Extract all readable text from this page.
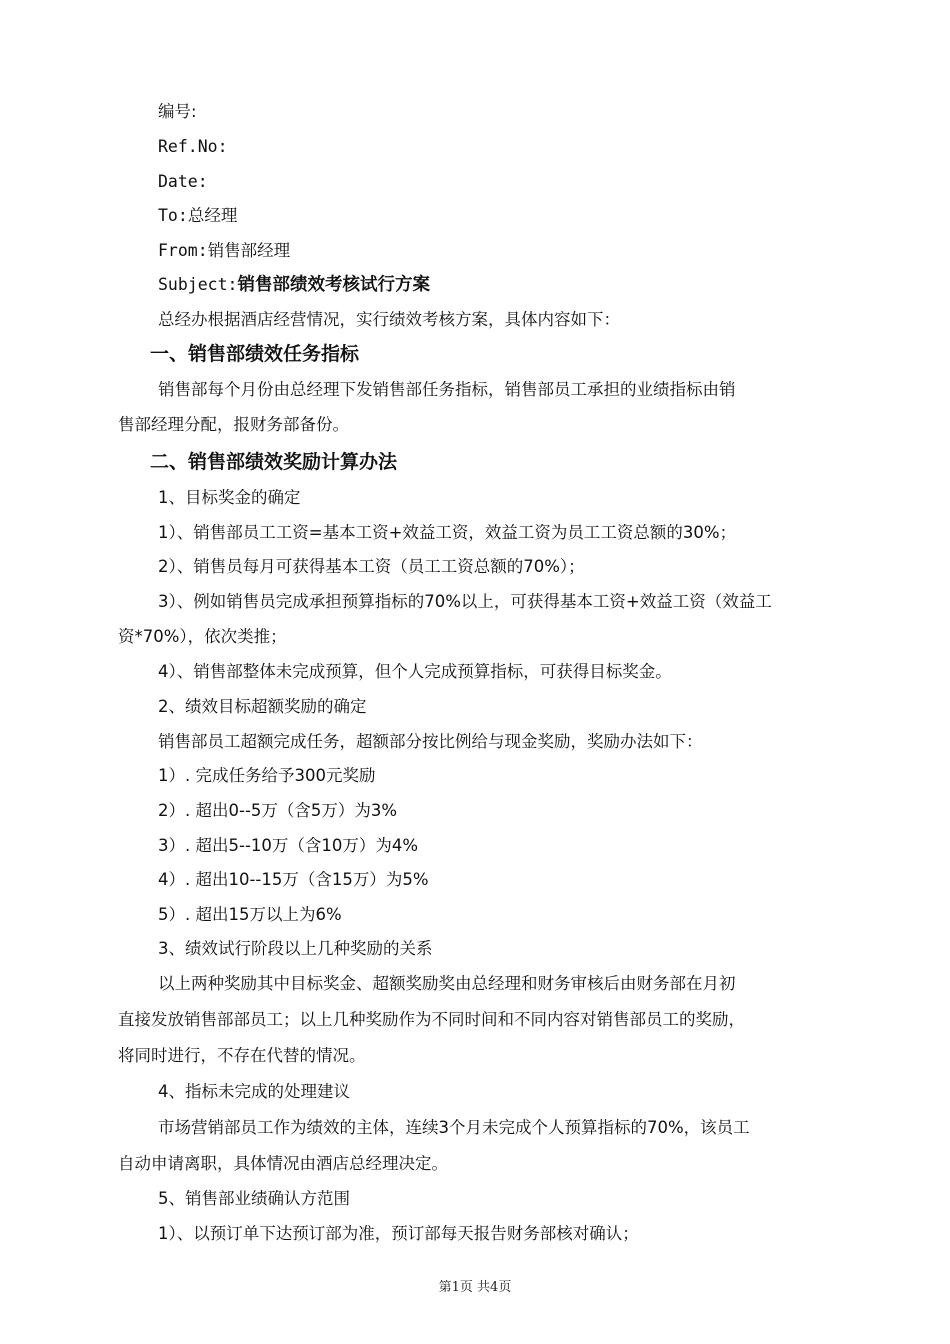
编号:

Ref.No:

Date:

To:总经理

From:销售部经理

Subject:销售部绩效考核试行方案

总经办根据酒店经营情况，实行绩效考核方案，具体内容如下：

一、销售部绩效任务指标

销售部每个月份由总经理下发销售部任务指标，销售部员工承担的业绩指标由销

售部经理分配，报财务部备份。

二、销售部绩效奖励计算办法

1、目标奖金的确定

1）、销售部员工工资=基本工资+效益工资，效益工资为员工工资总额的30%；

2）、销售员每月可获得基本工资（员工工资总额的70%）；

3）、例如销售员完成承担预算指标的70%以上，可获得基本工资+效益工资（效益工

资*70%），依次类推；

4）、销售部整体未完成预算，但个人完成预算指标，可获得目标奖金。

2、绩效目标超额奖励的确定

销售部员工超额完成任务，超额部分按比例给与现金奖励，奖励办法如下：

1）. 完成任务给予300元奖励

2）. 超出0--5万（含5万）为3%

3）. 超出5--10万（含10万）为4%

4）. 超出10--15万（含15万）为5%

5）. 超出15万以上为6%

3、绩效试行阶段以上几种奖励的关系

以上两种奖励其中目标奖金、超额奖励奖由总经理和财务审核后由财务部在月初

直接发放销售部部员工；以上几种奖励作为不同时间和不同内容对销售部员工的奖励，

将同时进行，不存在代替的情况。

4、指标未完成的处理建议

市场营销部员工作为绩效的主体，连续3个月未完成个人预算指标的70%，该员工

自动申请离职，具体情况由酒店总经理决定。

5、销售部业绩确认方范围

1）、以预订单下达预订部为准，预订部每天报告财务部核对确认；

第1页 共4页
